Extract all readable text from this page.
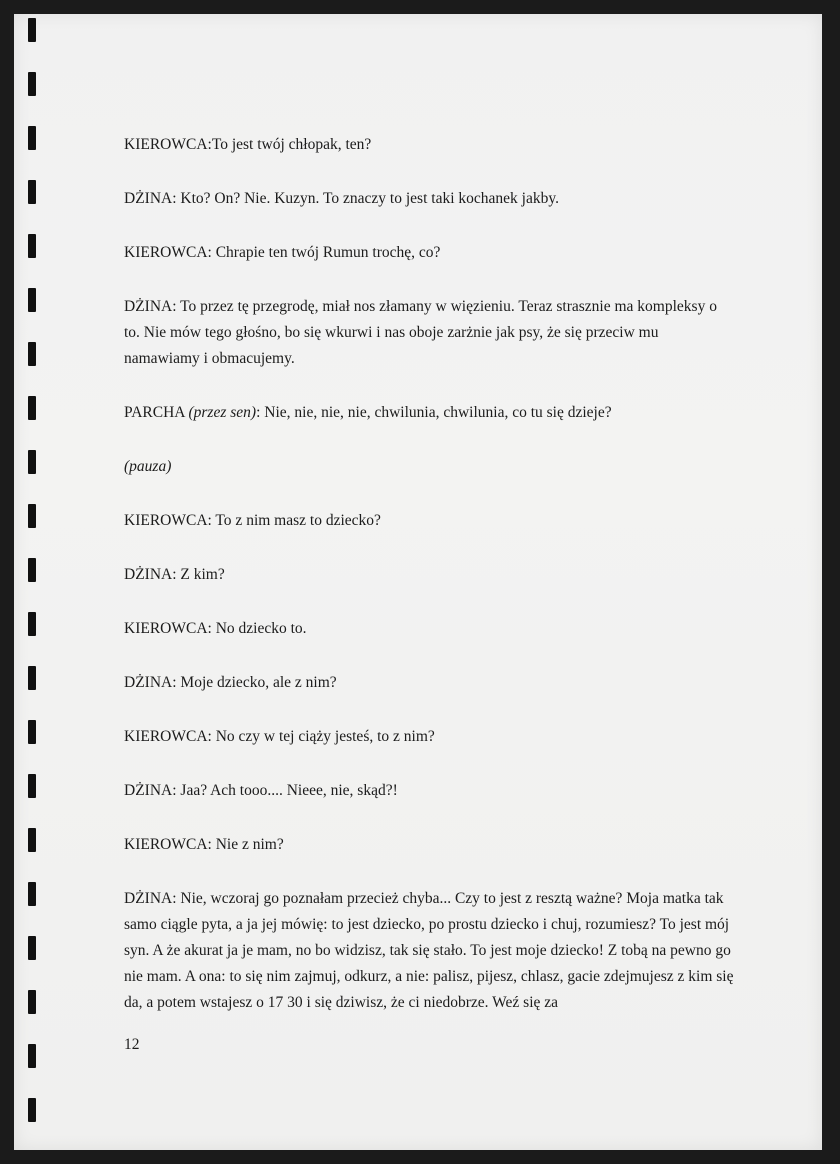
KIEROWCA:To jest twój chłopak, ten?

DŻINA: Kto? On? Nie. Kuzyn. To znaczy to jest taki kochanek jakby.

KIEROWCA: Chrapie ten twój Rumun trochę, co?

DŻINA: To przez tę przegrodę, miał nos złamany w więzieniu. Teraz strasznie ma kompleksy o to. Nie mów tego głośno, bo się wkurwi i nas oboje zarżnie jak psy, że się przeciw mu namawiamy i obmacujemy.

PARCHA (przez sen): Nie, nie, nie, nie, chwilunia, chwilunia, co tu się dzieje?

(pauza)

KIEROWCA: To z nim masz to dziecko?

DŻINA: Z kim?

KIEROWCA: No dziecko to.

DŻINA: Moje dziecko, ale z nim?

KIEROWCA: No czy w tej ciąży jesteś, to z nim?

DŻINA: Jaa? Ach tooo.... Nieee, nie, skąd?!

KIEROWCA: Nie z nim?

DŻINA: Nie, wczoraj go poznałam przecież chyba... Czy to jest z resztą ważne? Moja matka tak samo ciągle pyta, a ja jej mówię: to jest dziecko, po prostu dziecko i chuj, rozumiesz? To jest mój syn. A że akurat ja je mam, no bo widzisz, tak się stało. To jest moje dziecko! Z tobą na pewno go nie mam. A ona: to się nim zajmuj, odkurz, a nie: palisz, pijesz, chlasz, gacie zdejmujesz z kim się da, a potem wstajesz o 17 30 i się dziwisz, że ci niedobrze. Weź się za

12
